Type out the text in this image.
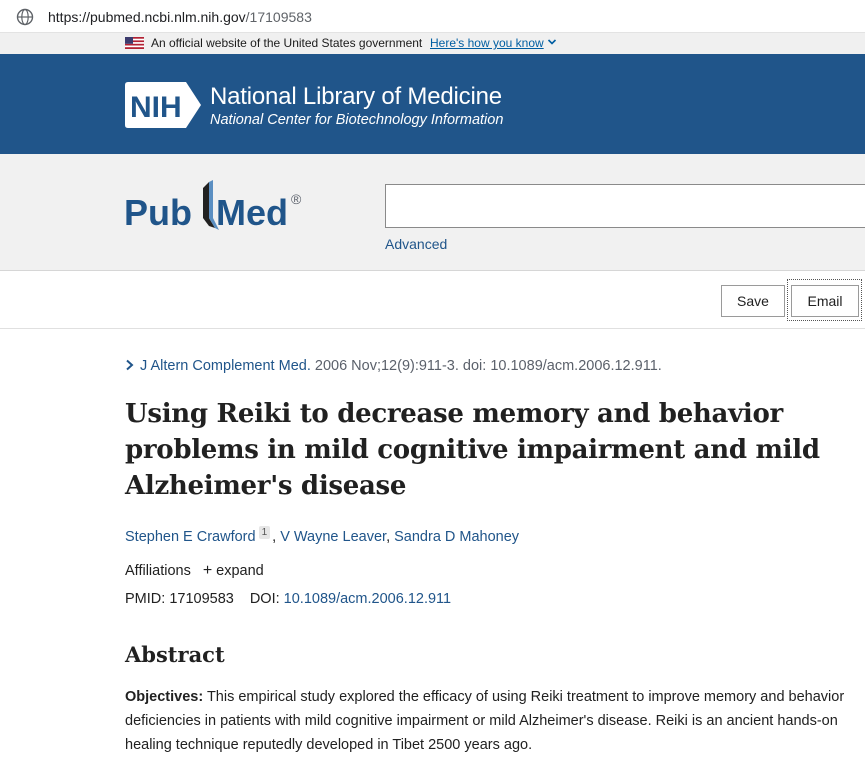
https://pubmed.ncbi.nlm.nih.gov/17109583
An official website of the United States government Here's how you know
NIH National Library of Medicine
National Center for Biotechnology Information
Pub Med ®
Advanced
Save	Email
J Altern Complement Med. 2006 Nov;12(9):911-3. doi: 10.1089/acm.2006.12.911.
Using Reiki to decrease memory and behavior problems in mild cognitive impairment and mild Alzheimer's disease
Stephen E Crawford 1 , V Wayne Leaver, Sandra D Mahoney
Affiliations + expand
PMID: 17109583 DOI: 10.1089/acm.2006.12.911
Abstract

Objectives: This empirical study explored the efficacy of using Reiki treatment to improve memory and behavior deficiencies in patients with mild cognitive impairment or mild Alzheimer's disease. Reiki is an ancient hands-on healing technique reputedly developed in Tibet 2500 years ago.
